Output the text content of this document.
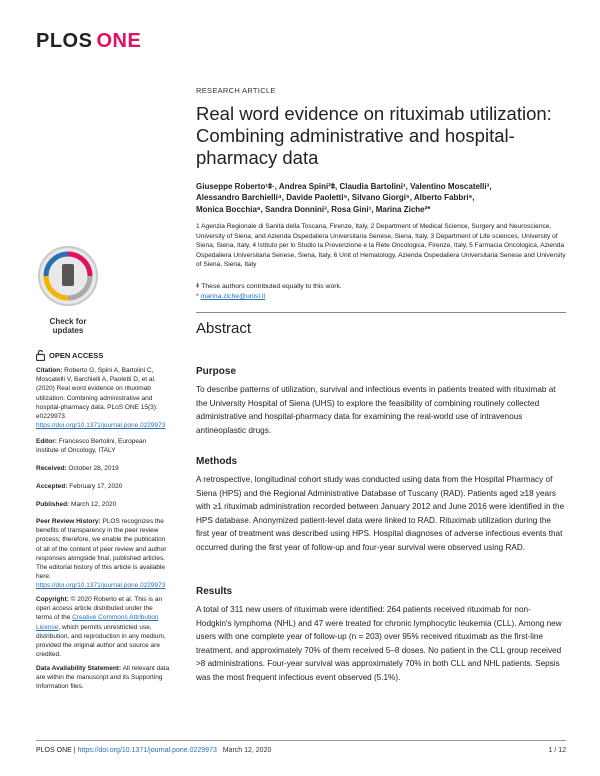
PLOS ONE
Check for
updates
OPEN ACCESS
Citation: Roberto G, Spini A, Bartolini C, Moscatelli V, Barchielli A, Paoletti D, et al. (2020) Real word evidence on rituximab utilization: Combining administrative and hospital-pharmacy data. PLoS ONE 15(3): e0229973. https://doi.org/10.1371/journal.pone.0229973
Editor: Francesco Bertolini, European Institute of Oncology, ITALY
Received: October 28, 2019
Accepted: February 17, 2020
Published: March 12, 2020
Peer Review History: PLOS recognizes the benefits of transparency in the peer review process; therefore, we enable the publication of all of the content of peer review and author responses alongside final, published articles. The editorial history of this article is available here: https://doi.org/10.1371/journal.pone.0229973
Copyright: © 2020 Roberto et al. This is an open access article distributed under the terms of the Creative Commons Attribution License, which permits unrestricted use, distribution, and reproduction in any medium, provided the original author and source are credited.
Data Availability Statement: All relevant data are within the manuscript and its Supporting Information files.
RESEARCH ARTICLE
Real word evidence on rituximab utilization: Combining administrative and hospital-pharmacy data
Giuseppe Roberto¹⹋·, Andrea Spini²⹋, Claudia Bartolini¹, Valentino Moscatelli³,
Alessandro Barchielli⁴, Davide Paoletti⁵, Silvano Giorgi⁵, Alberto Fabbri⁶,
Monica Bocchia⁶, Sandra Donnini³, Rosa Gini¹, Marina Ziche²*
1 Agenzia Regionale di Sanità della Toscana, Firenze, Italy, 2 Department of Medical Science, Surgery and Neuroscience, University of Siena, and Azienda Ospedaliera Universitaria Senese, Siena, Italy, 3 Department of Life sciences, University of Siena, Siena, Italy, 4 Istituto per lo Studio la Prevenzione e la Rete Oncologica, Firenze, Italy, 5 Farmacia Oncologica, Azienda Ospedaliera Universitaria Senese, Siena, Italy, 6 Unit of Hematology, Azienda Ospedaliera Universitaria Senese and University of Siena, Siena, Italy
⹋ These authors contributed equally to this work.
* marina.ziche@unisi.it
Abstract
Purpose
To describe patterns of utilization, survival and infectious events in patients treated with rituximab at the University Hospital of Siena (UHS) to explore the feasibility of combining routinely collected administrative and hospital-pharmacy data for examining the real-world use of intravenous antineoplastic drugs.
Methods
A retrospective, longitudinal cohort study was conducted using data from the Hospital Pharmacy of Siena (HPS) and the Regional Administrative Database of Tuscany (RAD). Patients aged ≥18 years with ≥1 rituximab administration recorded between January 2012 and June 2016 were identified in the HPS database. Anonymized patient-level data were linked to RAD. Rituximab utilization during the first year of treatment was described using HPS. Hospital diagnoses of adverse infectious events that occurred during the first year of follow-up and four-year survival were observed using RAD.
Results
A total of 311 new users of rituximab were identified: 264 patients received rituximab for non-Hodgkin's lymphoma (NHL) and 47 were treated for chronic lymphocytic leukemia (CLL). Among new users with one complete year of follow-up (n = 203) over 95% received rituximab as the first-line treatment, and approximately 70% of them received 5–8 doses. No patient in the CLL group received >8 administrations. Four-year survival was approximately 70% in both CLL and NHL patients. Sepsis was the most frequent infectious event observed (5.1%).
PLOS ONE | https://doi.org/10.1371/journal.pone.0229973 March 12, 2020	1 / 12
